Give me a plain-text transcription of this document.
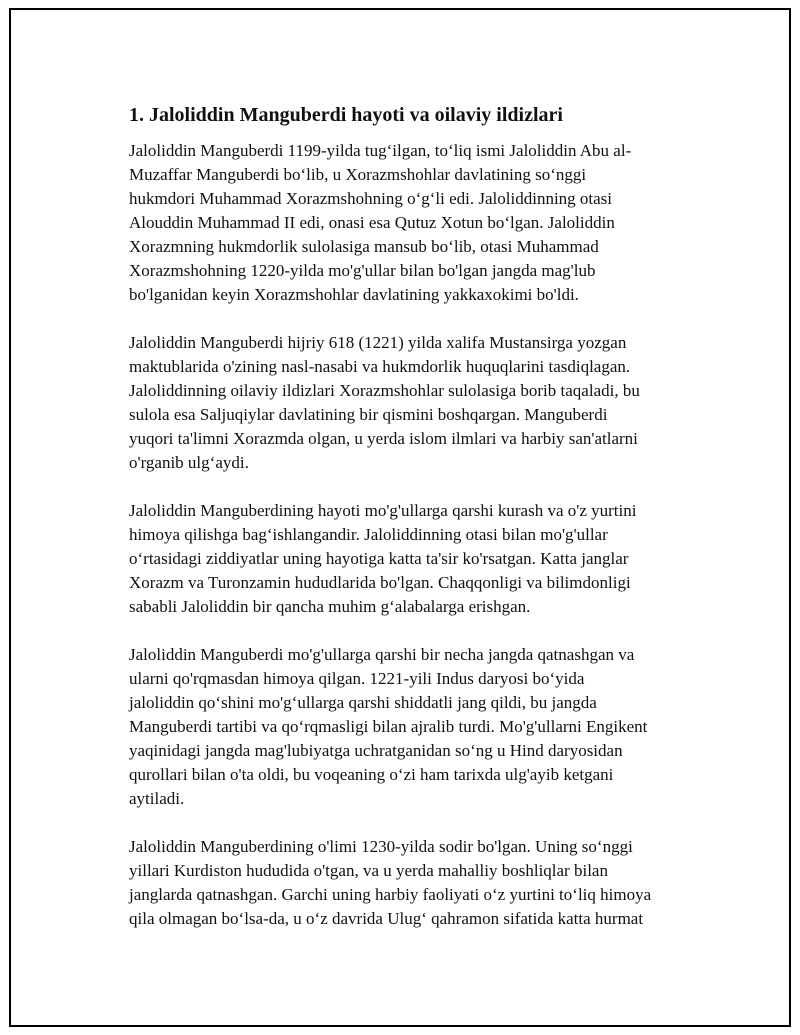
1. Jaloliddin Manguberdi hayoti va oilaviy ildizlari

Jaloliddin Manguberdi 1199-yilda tug‘ilgan, to‘liq ismi Jaloliddin Abu al-
Muzaffar Manguberdi bo‘lib, u Xorazmshohlar davlatining so‘nggi
hukmdori Muhammad Xorazmshohning o‘g‘li edi. Jaloliddinning otasi
Alouddin Muhammad II edi, onasi esa Qutuz Xotun bo‘lgan. Jaloliddin
Xorazmning hukmdorlik sulolasiga mansub bo‘lib, otasi Muhammad
Xorazmshohning 1220-yilda mo'g'ullar bilan bo'lgan jangda mag'lub
bo'lganidan keyin Xorazmshohlar davlatining yakkaxokimi bo'ldi.

Jaloliddin Manguberdi hijriy 618 (1221) yilda xalifa Mustansirga yozgan
maktublarida o'zining nasl-nasabi va hukmdorlik huquqlarini tasdiqlagan.
Jaloliddinning oilaviy ildizlari Xorazmshohlar sulolasiga borib taqaladi, bu
sulola esa Saljuqiylar davlatining bir qismini boshqargan. Manguberdi
yuqori ta'limni Xorazmda olgan, u yerda islom ilmlari va harbiy san'atlarni
o'rganib ulg‘aydi.

Jaloliddin Manguberdining hayoti mo'g'ullarga qarshi kurash va o'z yurtini
himoya qilishga bag‘ishlangandir. Jaloliddinning otasi bilan mo'g'ullar
o‘rtasidagi ziddiyatlar uning hayotiga katta ta'sir ko'rsatgan. Katta janglar
Xorazm va Turonzamin hududlarida bo'lgan. Chaqqonligi va bilimdonligi
sababli Jaloliddin bir qancha muhim g‘alabalarga erishgan.

Jaloliddin Manguberdi mo'g'ullarga qarshi bir necha jangda qatnashgan va
ularni qo'rqmasdan himoya qilgan. 1221-yili Indus daryosi bo‘yida
jaloliddin qo‘shini mo'g‘ullarga qarshi shiddatli jang qildi, bu jangda
Manguberdi tartibi va qo‘rqmasligi bilan ajralib turdi. Mo'g'ullarni Engikent
yaqinidagi jangda mag'lubiyatga uchratganidan so‘ng u Hind daryosidan
qurollari bilan o'ta oldi, bu voqeaning o‘zi ham tarixda ulg'ayib ketgani
aytiladi.

Jaloliddin Manguberdining o'limi 1230-yilda sodir bo'lgan. Uning so‘nggi
yillari Kurdiston hududida o'tgan, va u yerda mahalliy boshliqlar bilan
janglarda qatnashgan. Garchi uning harbiy faoliyati o‘z yurtini to‘liq himoya
qila olmagan bo‘lsa-da, u o‘z davrida Ulug‘ qahramon sifatida katta hurmat
